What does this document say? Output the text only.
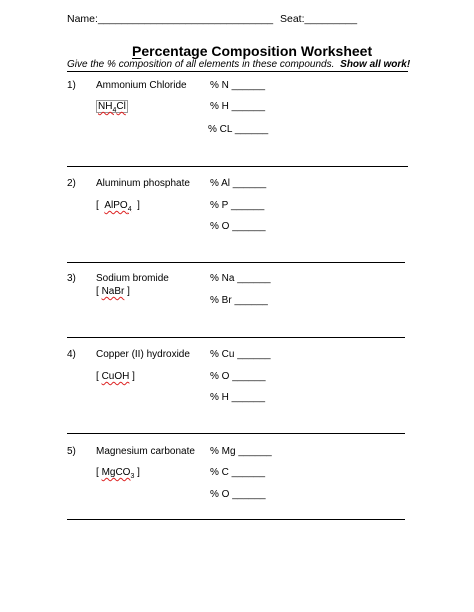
Name:______________________________ Seat:_________
Percentage Composition Worksheet
Give the % composition of all elements in these compounds. Show all work!
1) Ammonium Chloride
$NH_4Cl$
% N ______
% H ______
% CL ______
2) Aluminum phosphate
[ AlPO$_4$ ]
% Al ______
% P ______
% O ______
3) Sodium bromide
[ NaBr ]
% Na ______
% Br ______
4) Copper (II) hydroxide
[ CuOH ]
% Cu ______
% O ______
% H ______
5) Magnesium carbonate
[ MgCO$_3$ ]
% Mg ______
% C ______
% O ______
